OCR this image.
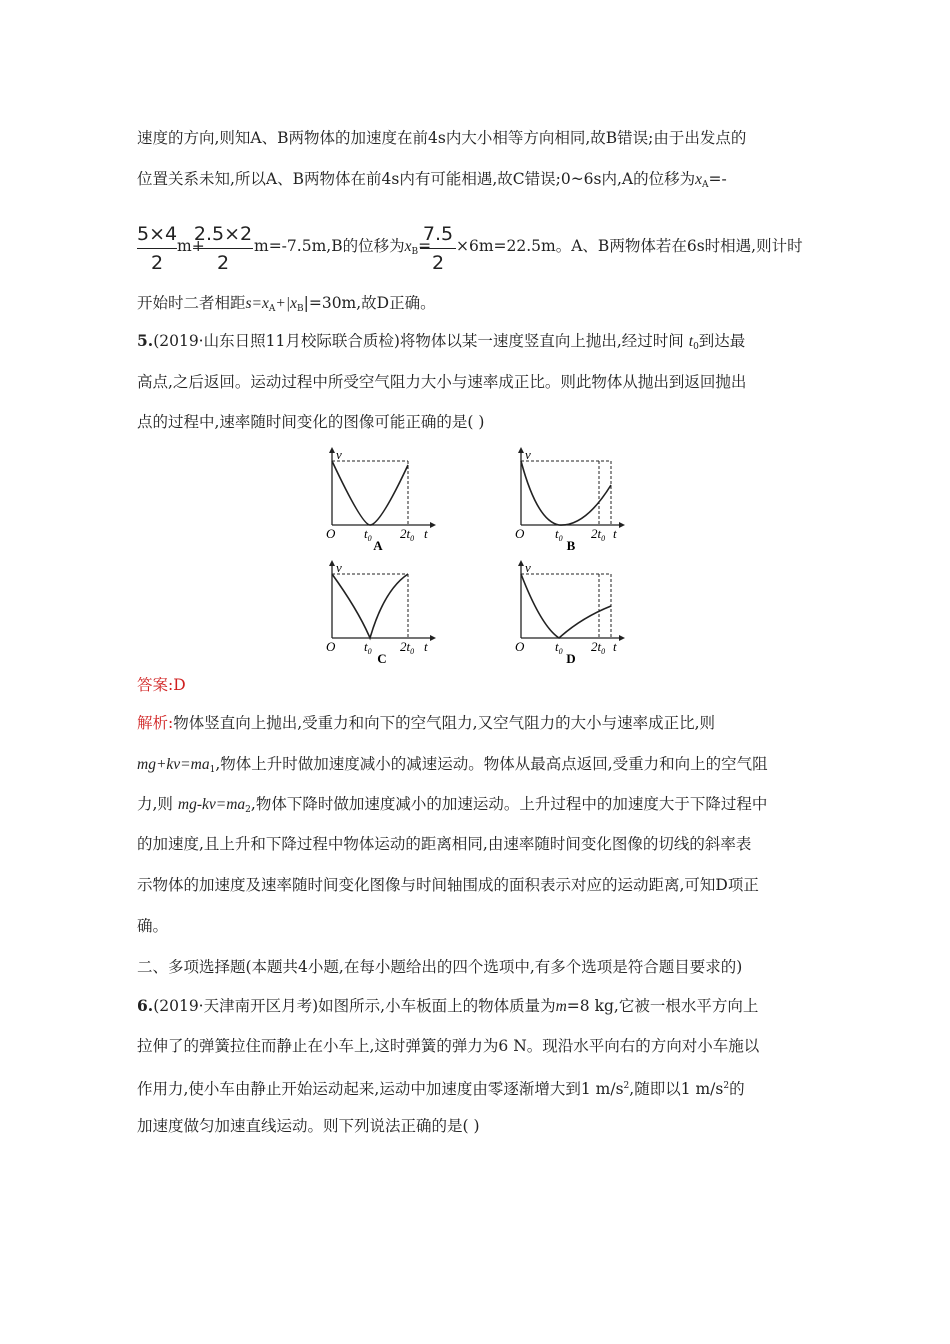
速度的方向,则知A、B两物体的加速度在前4s内大小相等方向相同,故B错误;由于出发点的
位置关系未知,所以A、B两物体在前4s内有可能相遇,故C错误;0~6s内,A的位移为$x_A=-$
5×4
2
m+
2.5×2
2
m=-7.5m,B的位移为$x_B=$
7.5
2
×6m=22.5m。A、B两物体若在6s时相遇,则计时
开始时二者相距$s=x_A+|x_B|=30m$,故D正确。
5.(2019·山东日照11月校际联合质检)将物体以某一速度竖直向上抛出,经过时间 $t_0$到达最
高点,之后返回。运动过程中所受空气阻力大小与速率成正比。则此物体从抛出到返回抛出
点的过程中,速率随时间变化的图像可能正确的是( )
v
O $t_0$ $2t_0$ t
A
v
O $t_0$ $2t_0$ t
B
v
O $t_0$ $2t_0$ t
C
v
O $t_0$ $2t_0$ t
D
答案:D
解析:物体竖直向上抛出,受重力和向下的空气阻力,又空气阻力的大小与速率成正比,则
$mg+kv=ma_1$,物体上升时做加速度减小的减速运动。物体从最高点返回,受重力和向上的空气阻
力,则 $mg-kv=ma_2$,物体下降时做加速度减小的加速运动。上升过程中的加速度大于下降过程中
的加速度,且上升和下降过程中物体运动的距离相同,由速率随时间变化图像的切线的斜率表
示物体的加速度及速率随时间变化图像与时间轴围成的面积表示对应的运动距离,可知D项正
确。
二、多项选择题(本题共4小题,在每小题给出的四个选项中,有多个选项是符合题目要求的)
6.(2019·天津南开区月考)如图所示,小车板面上的物体质量为m=8 kg,它被一根水平方向上
拉伸了的弹簧拉住而静止在小车上,这时弹簧的弹力为6 N。现沿水平向右的方向对小车施以
作用力,使小车由静止开始运动起来,运动中加速度由零逐渐增大到1 $m/s^2$,随即以1 $m/s^2$的
加速度做匀加速直线运动。则下列说法正确的是( )
